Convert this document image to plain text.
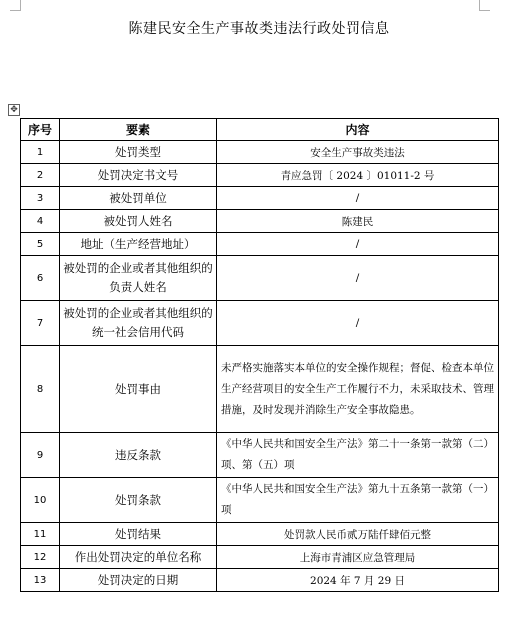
陈建民安全生产事故类违法行政处罚信息
✥
序号	要素	内容
1	处罚类型	安全生产事故类违法
2	处罚决定书文号	青应急罚〔 2024 〕01011-2 号
3	被处罚单位	/
4	被处罚人姓名	陈建民
5	地址（生产经营地址）	/
6	被处罚的企业或者其他组织的负责人姓名	/
7	被处罚的企业或者其他组织的统一社会信用代码	/
8	处罚事由	未严格实施落实本单位的安全操作规程；督促、检查本单位生产经营项目的安全生产工作履行不力，未采取技术、管理措施，及时发现并消除生产安全事故隐患。
9	违反条款	《中华人民共和国安全生产法》第二十一条第一款第（二）项、第（五）项
10	处罚条款	《中华人民共和国安全生产法》第九十五条第一款第（一）项
11	处罚结果	处罚款人民币贰万陆仟肆佰元整
12	作出处罚决定的单位名称	上海市青浦区应急管理局
13	处罚决定的日期	2024 年 7 月 29 日
